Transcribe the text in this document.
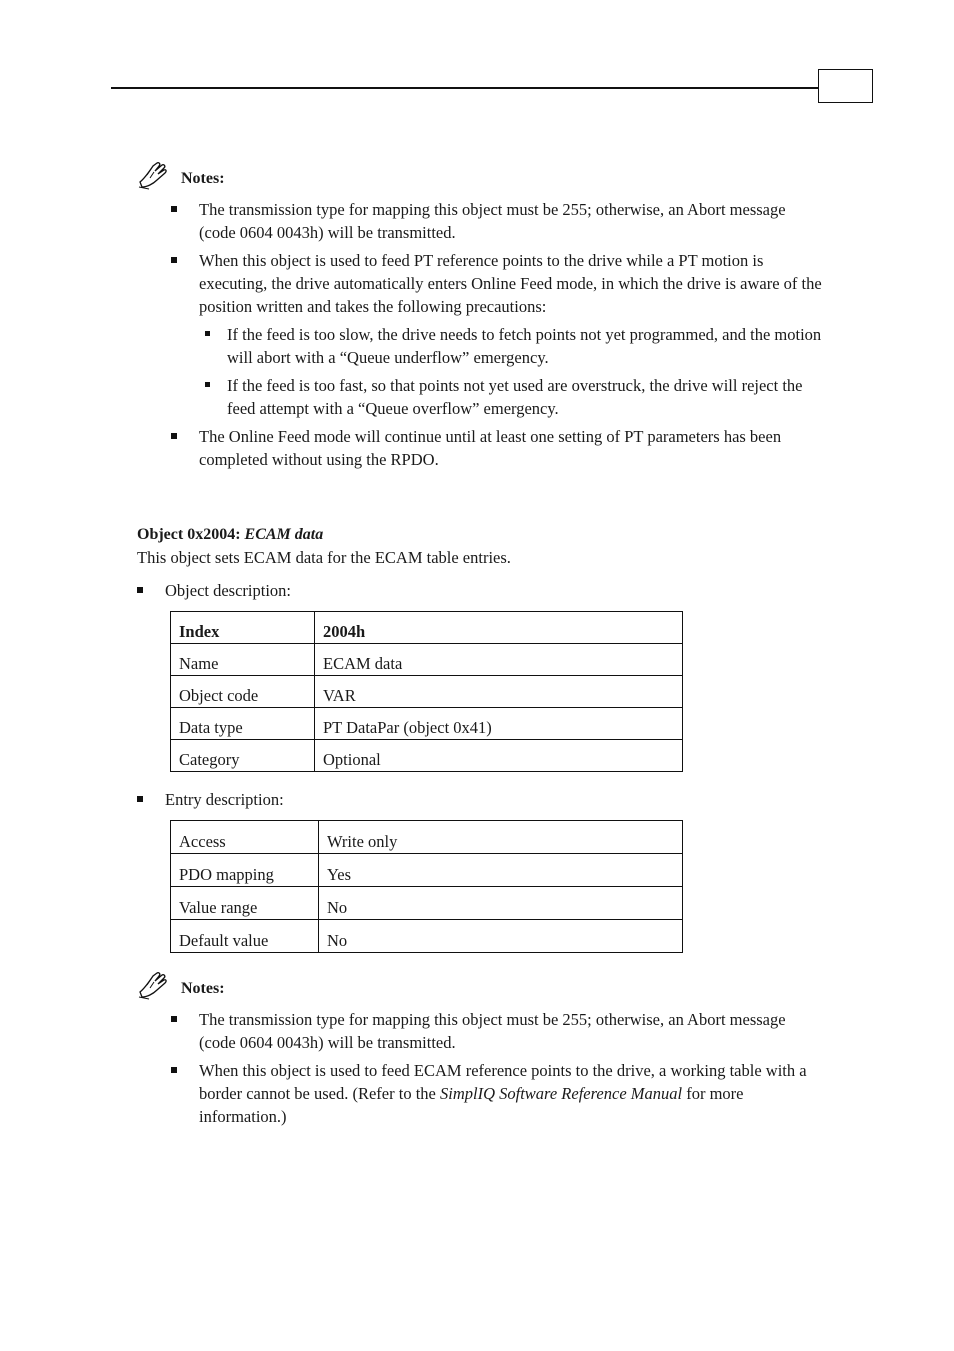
Notes:
The transmission type for mapping this object must be 255; otherwise, an Abort message (code 0604 0043h) will be transmitted.
When this object is used to feed PT reference points to the drive while a PT motion is executing, the drive automatically enters Online Feed mode, in which the drive is aware of the position written and takes the following precautions:
If the feed is too slow, the drive needs to fetch points not yet programmed, and the motion will abort with a “Queue underflow” emergency.
If the feed is too fast, so that points not yet used are overstruck, the drive will reject the feed attempt with a “Queue overflow” emergency.
The Online Feed mode will continue until at least one setting of PT parameters has been completed without using the RPDO.
Object 0x2004: ECAM data
This object sets ECAM data for the ECAM table entries.
Object description:
Index	2004h
Name	ECAM data
Object code	VAR
Data type	PT DataPar (object 0x41)
Category	Optional
Entry description:
Access	Write only
PDO mapping	Yes
Value range	No
Default value	No
Notes:
The transmission type for mapping this object must be 255; otherwise, an Abort message (code 0604 0043h) will be transmitted.
When this object is used to feed ECAM reference points to the drive, a working table with a border cannot be used. (Refer to the SimplIQ Software Reference Manual for more information.)
